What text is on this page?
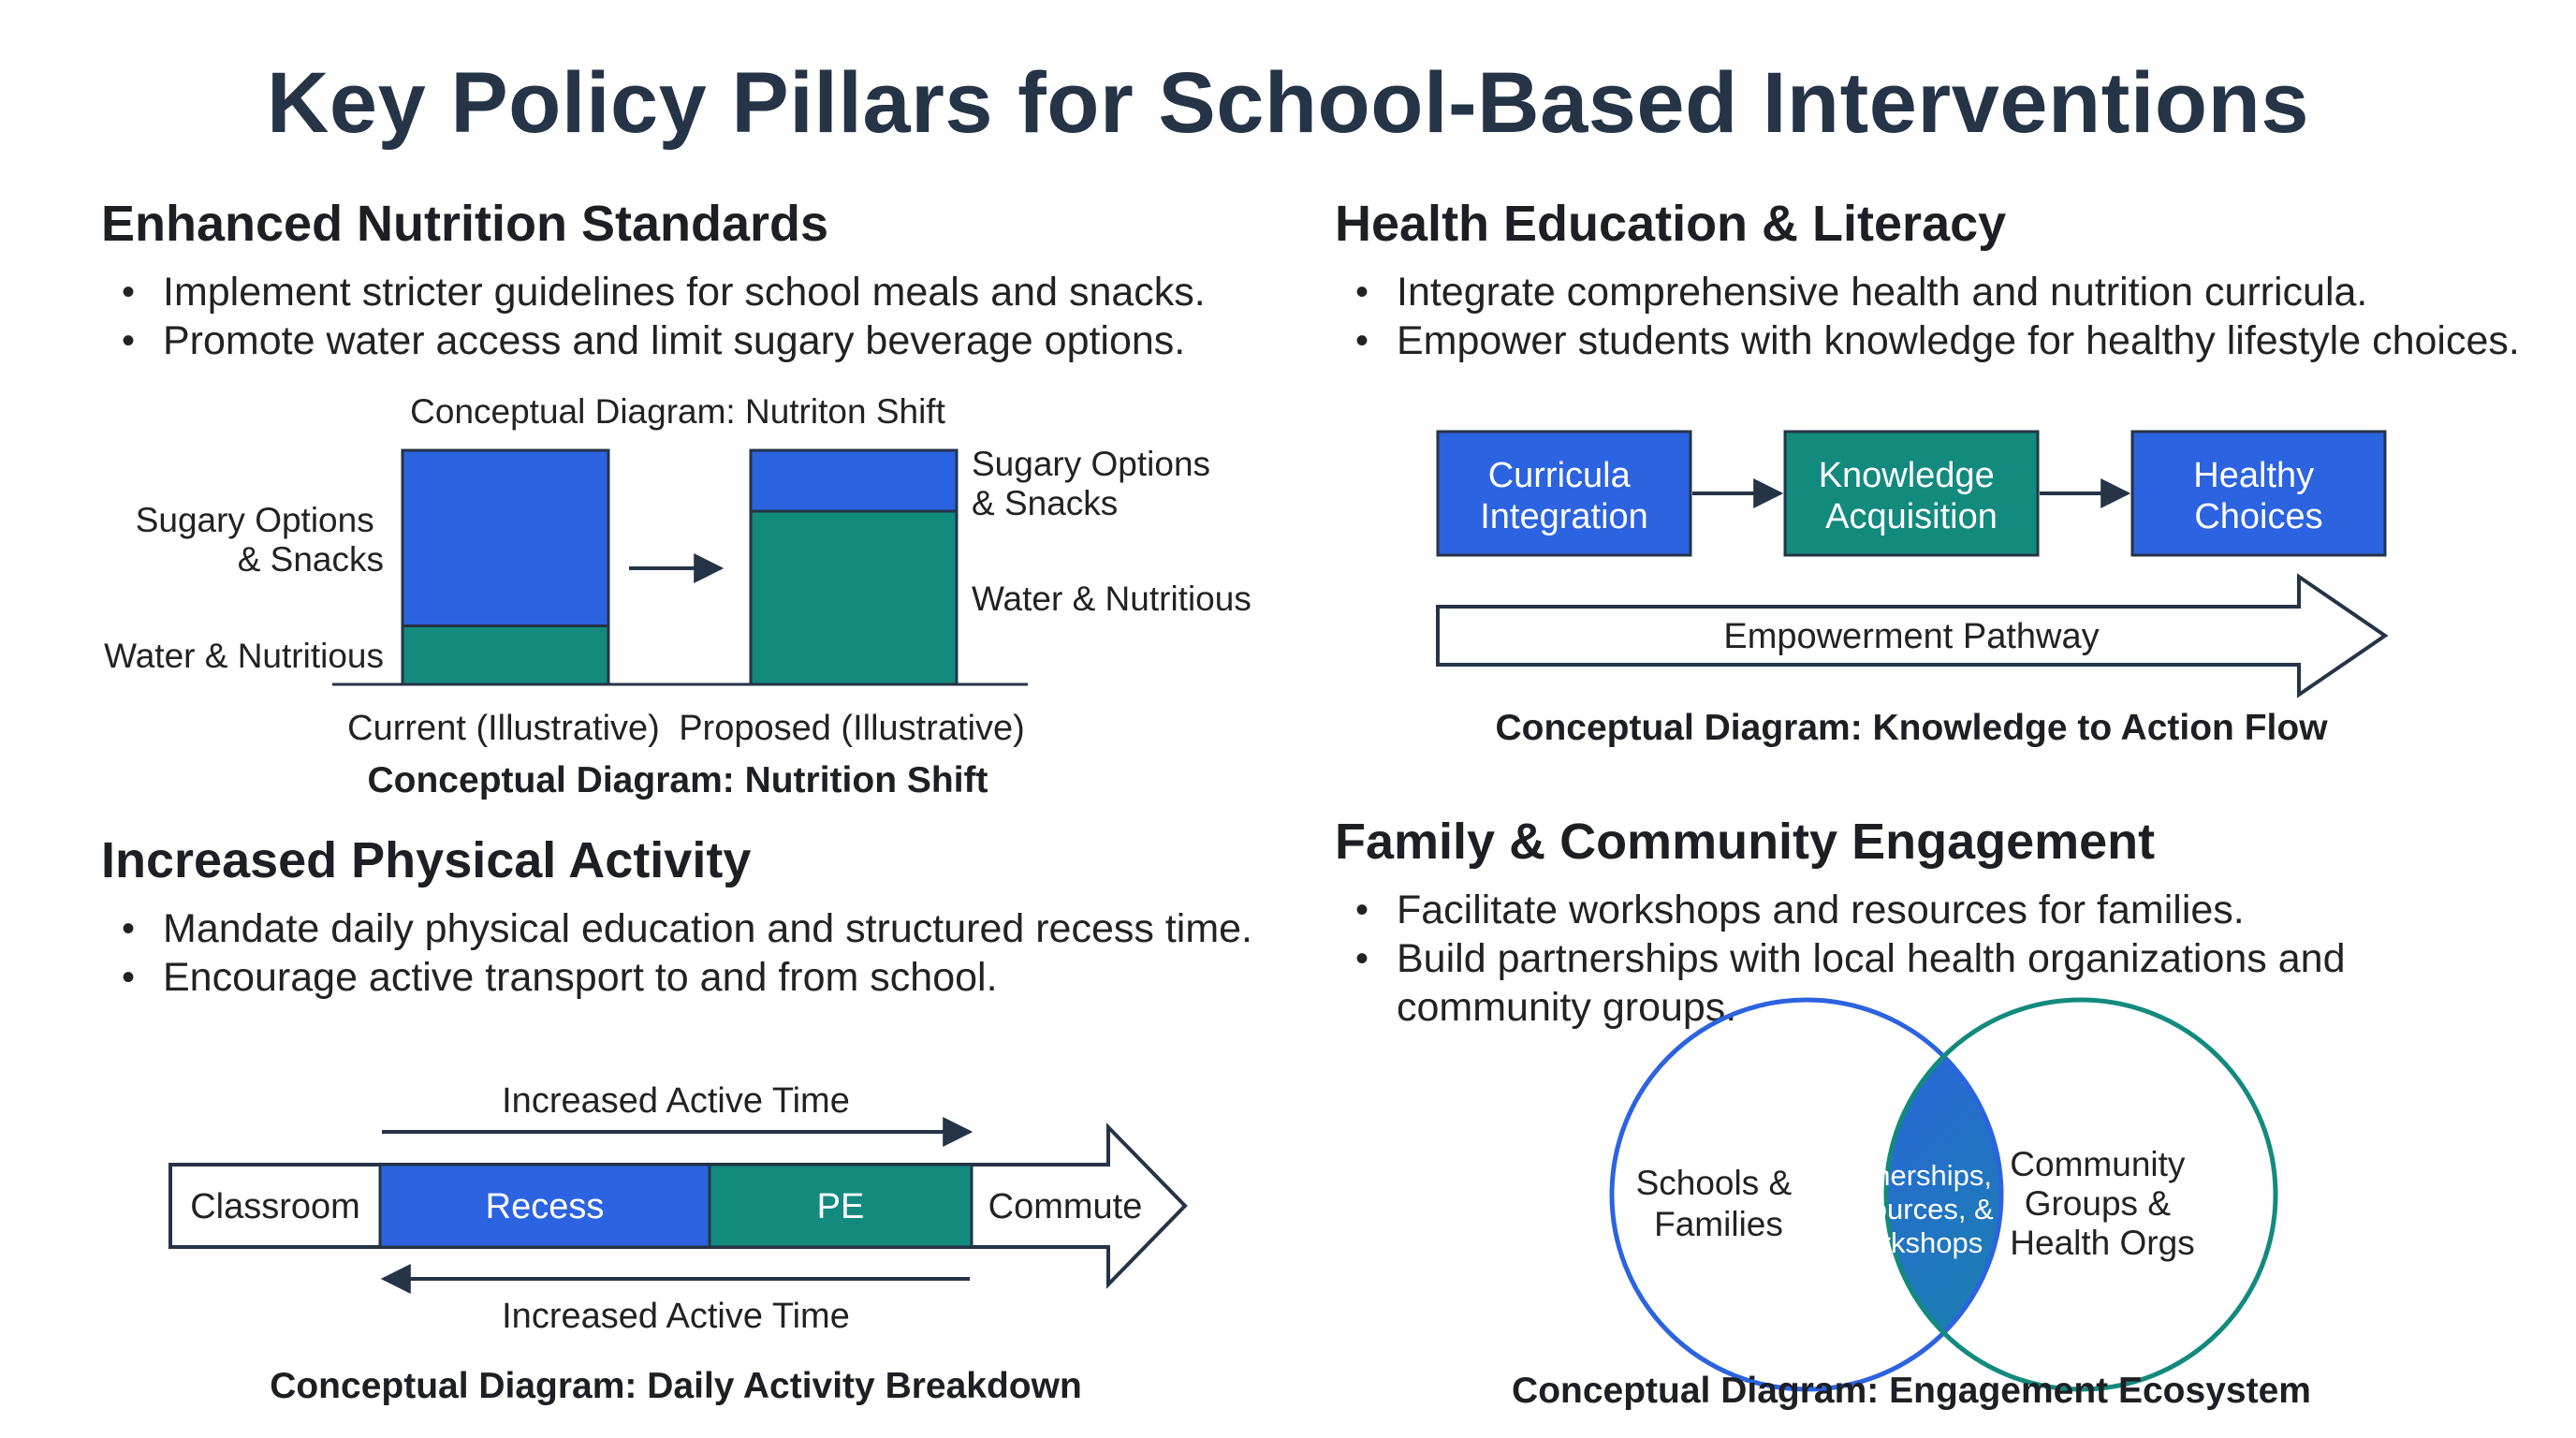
Key Policy Pillars for School-Based Interventions
Enhanced Nutrition Standards
• Implement stricter guidelines for school meals and snacks.
• Promote water access and limit sugary beverage options.
Health Education & Literacy
• Integrate comprehensive health and nutrition curricula.
• Empower students with knowledge for healthy lifestyle choices.
Increased Physical Activity
• Mandate daily physical education and structured recess time.
• Encourage active transport to and from school.
Family & Community Engagement
• Facilitate workshops and resources for families.
• Build partnerships with local health organizations and community groups.
Conceptual Diagram: Nutriton Shift
Sugary Options & Snacks
Water & Nutritious
Sugary Options & Snacks
Water & Nutritious
Current (Illustrative) Proposed (Illustrative)
Conceptual Diagram: Nutrition Shift
Curricula Integration
Knowledge Acquisition
Healthy Choices
Empowerment Pathway
Conceptual Diagram: Knowledge to Action Flow
Increased Active Time
Classroom	Recess	PE	Commute
Increased Active Time
Conceptual Diagram: Daily Activity Breakdown
Schools & Families
Partnerships, Resources, & Workshops
Community Groups & Health Orgs
Conceptual Diagram: Engagement Ecosystem
